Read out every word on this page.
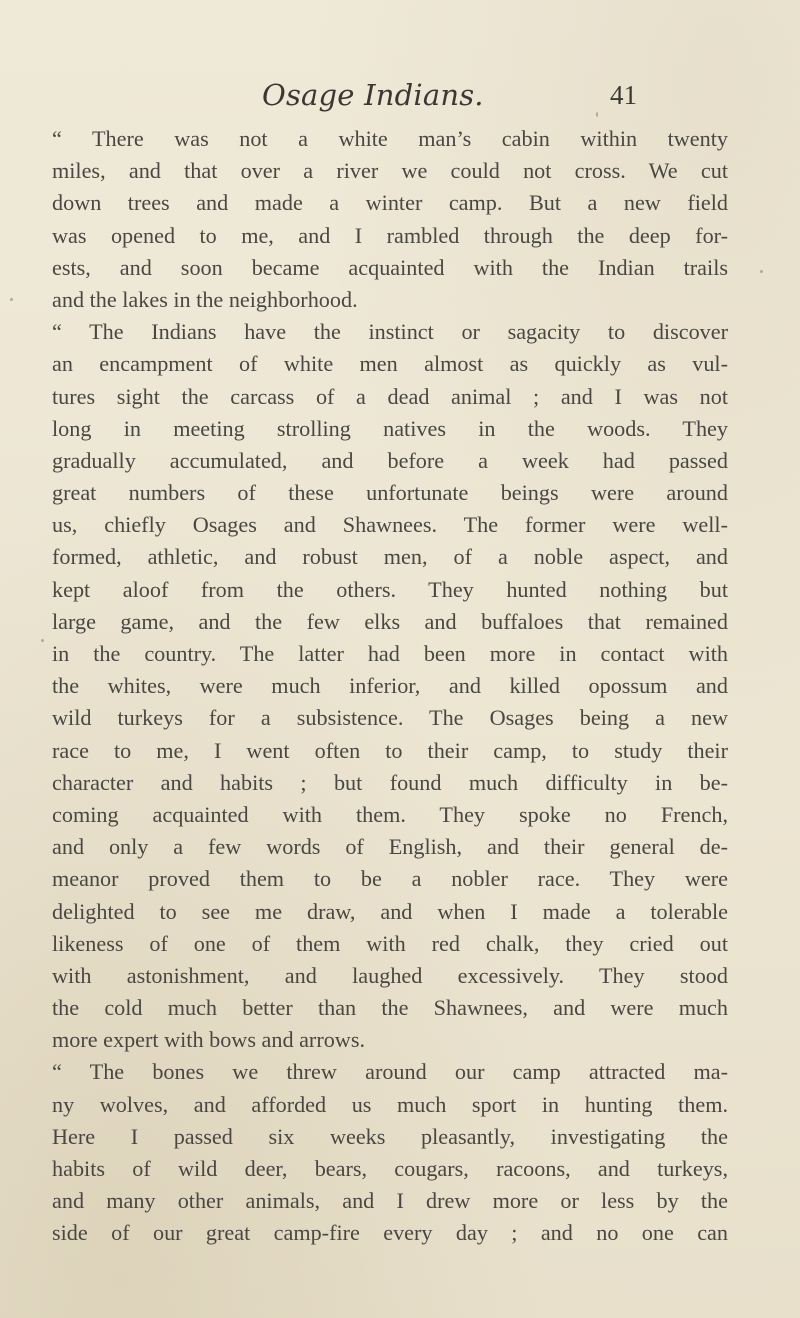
Osage Indians.	41
“ There was not a white man’s cabin within twenty
miles, and that over a river we could not cross. We cut
down trees and made a winter camp. But a new field
was opened to me, and I rambled through the deep for-
ests, and soon became acquainted with the Indian trails
and the lakes in the neighborhood.
“ The Indians have the instinct or sagacity to discover
an encampment of white men almost as quickly as vul-
tures sight the carcass of a dead animal ; and I was not
long in meeting strolling natives in the woods. They
gradually accumulated, and before a week had passed
great numbers of these unfortunate beings were around
us, chiefly Osages and Shawnees. The former were well-
formed, athletic, and robust men, of a noble aspect, and
kept aloof from the others. They hunted nothing but
large game, and the few elks and buffaloes that remained
in the country. The latter had been more in contact with
the whites, were much inferior, and killed opossum and
wild turkeys for a subsistence. The Osages being a new
race to me, I went often to their camp, to study their
character and habits ; but found much difficulty in be-
coming acquainted with them. They spoke no French,
and only a few words of English, and their general de-
meanor proved them to be a nobler race. They were
delighted to see me draw, and when I made a tolerable
likeness of one of them with red chalk, they cried out
with astonishment, and laughed excessively. They stood
the cold much better than the Shawnees, and were much
more expert with bows and arrows.
“ The bones we threw around our camp attracted ma-
ny wolves, and afforded us much sport in hunting them.
Here I passed six weeks pleasantly, investigating the
habits of wild deer, bears, cougars, racoons, and turkeys,
and many other animals, and I drew more or less by the
side of our great camp-fire every day ; and no one can
